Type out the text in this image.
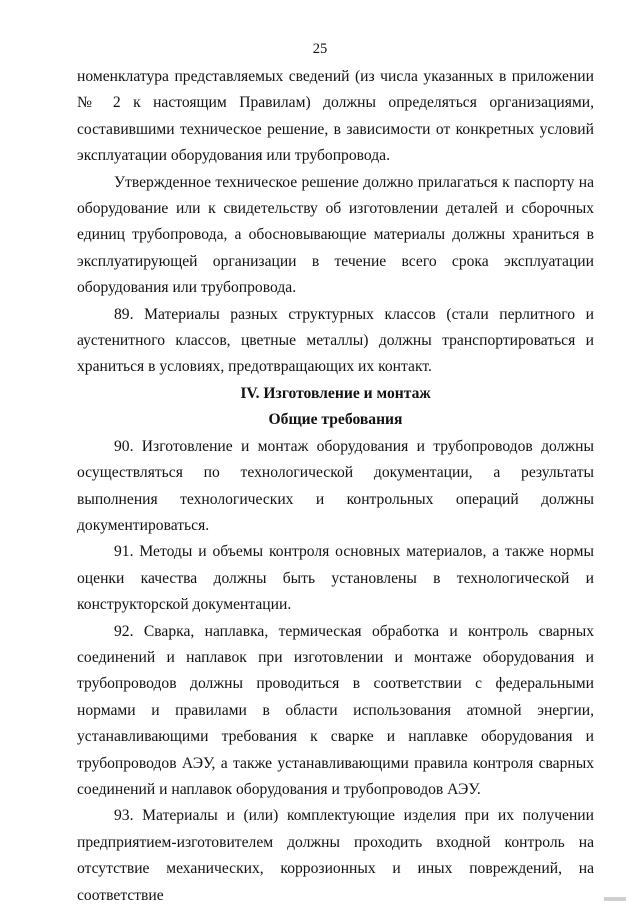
25

номенклатура представляемых сведений (из числа указанных в приложении № 2 к настоящим Правилам) должны определяться организациями, составившими техническое решение, в зависимости от конкретных условий эксплуатации оборудования или трубопровода.

Утвержденное техническое решение должно прилагаться к паспорту на оборудование или к свидетельству об изготовлении деталей и сборочных единиц трубопровода, а обосновывающие материалы должны храниться в эксплуатирующей организации в течение всего срока эксплуатации оборудования или трубопровода.

89. Материалы разных структурных классов (стали перлитного и аустенитного классов, цветные металлы) должны транспортироваться и храниться в условиях, предотвращающих их контакт.

IV. Изготовление и монтаж
Общие требования

90. Изготовление и монтаж оборудования и трубопроводов должны осуществляться по технологической документации, а результаты выполнения технологических и контрольных операций должны документироваться.

91. Методы и объемы контроля основных материалов, а также нормы оценки качества должны быть установлены в технологической и конструкторской документации.

92. Сварка, наплавка, термическая обработка и контроль сварных соединений и наплавок при изготовлении и монтаже оборудования и трубопроводов должны проводиться в соответствии с федеральными нормами и правилами в области использования атомной энергии, устанавливающими требования к сварке и наплавке оборудования и трубопроводов АЭУ, а также устанавливающими правила контроля сварных соединений и наплавок оборудования и трубопроводов АЭУ.

93. Материалы и (или) комплектующие изделия при их получении предприятием-изготовителем должны проходить входной контроль на отсутствие механических, коррозионных и иных повреждений, на соответствие
